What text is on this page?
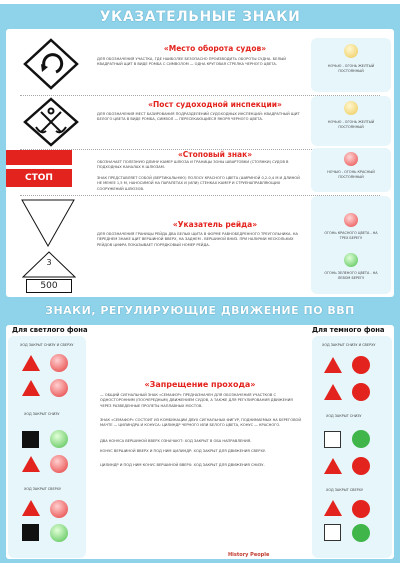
УКАЗАТЕЛЬНЫЕ ЗНАКИ
«Место оборота судов»
ДЛЯ ОБОЗНАЧЕНИЯ УЧАСТКА, ГДЕ НАИБОЛЕЕ БЕЗОПАСНО ПРОИЗВОДИТЬ ОБОРОТЫ СУДНА. БЕЛЫЙ КВАДРАТНЫЙ ЩИТ В ВИДЕ РОМБА С СИМВОЛОМ — ОДНА КРУГОВАЯ СТРЕЛКА ЧЕРНОГО ЦВЕТА.	НОЧЬЮ - ОГОНЬ ЖЕЛТЫЙ ПОСТОЯННЫЙ
«Пост судоходной инспекции»
ДЛЯ ОБОЗНАЧЕНИЯ МЕСТ БАЗИРОВАНИЯ ПОДРАЗДЕЛЕНИЙ СУДОХОДНЫХ ИНСПЕКЦИЙ: КВАДРАТНЫЙ ЩИТ БЕЛОГО ЦВЕТА В ВИДЕ РОМБА, СИМВОЛ — ПЕРЕСЕКАЮЩИЕСЯ ЯКОРЯ ЧЕРНОГО ЦВЕТА.
НОЧЬЮ - ОГОНЬ ЖЕЛТЫЙ ПОСТОЯННЫЙ
СТОП
«Стоповый знак»
ОБОЗНАЧАЕТ ПОЛЕЗНУЮ ДЛИНУ КАМЕР ШЛЮЗА И ГРАНИЦЫ ЗОНЫ ШВАРТОВКИ (СТОЯНКИ) СУДОВ В ПОДХОДНЫХ КАНАЛАХ К ШЛЮЗАМ.
ЗНАК ПРЕДСТАВЛЯЕТ СОБОЙ (ВЕРТИКАЛЬНУЮ) ПОЛОСУ КРАСНОГО ЦВЕТА (ШИРИНОЙ 0,2-0,4 М И ДЛИНОЙ НЕ МЕНЕЕ 1,5 М, НАНОСИМОЙ НА ПАРАПЕТАХ И (ИЛИ) СТЕНКАХ КАМЕР И СТРУЕНАПРАВЛЯЮЩИХ СООРУЖЕНИЙ ШЛЮЗОВ.
НОЧЬЮ - ОГОНЬ КРАСНЫЙ ПОСТОЯННЫЙ
3
500
«Указатель рейда»
ДЛЯ ОБОЗНАЧЕНИЯ ГРАНИЦЫ РЕЙДА ДВА БЕЛЫХ ЩИТА В ФОРМЕ РАВНОБЕДРЕННОГО ТРЕУГОЛЬНИКА. НА ПЕРЕДНЕМ ЗНАКЕ ЩИТ ВЕРШИНОЙ ВВЕРХ, НА ЗАДНЕМ - ВЕРШИНОЙ ВНИЗ. ПРИ НАЛИЧИИ НЕСКОЛЬКИХ РЕЙДОВ ЦИФРА ПОКАЗЫВАЕТ ПОРЯДКОВЫЙ НОМЕР РЕЙДА.
ОГОНЬ КРАСНОГО ЦВЕТА - НА ТРЕХ БЕРЕГУ
ОГОНЬ ЗЕЛЕНОГО ЦВЕТА - НА ЛЕВОМ БЕРЕГУ
ЗНАКИ, РЕГУЛИРУЮЩИЕ ДВИЖЕНИЕ ПО ВВП
Для светлого фона	Для темного фона
ХОД ЗАКРЫТ СНИЗУ И СВЕРХУ
ХОД ЗАКРЫТ СНИЗУ
ХОД ЗАКРЫТ СВЕРХУ
«Запрещение прохода»
— ОБЩИЙ СИГНАЛЬНЫЙ ЗНАК «СЕМАФОР» ПРЕДНАЗНАЧЕН ДЛЯ ОБОЗНАЧЕНИЯ УЧАСТКОВ С ОДНОСТОРОННИМ (ПООЧЕРЕДНЫМ) ДВИЖЕНИЕМ СУДОВ, А ТАКЖЕ ДЛЯ РЕГУЛИРОВАНИЯ ДВИЖЕНИЯ ЧЕРЕЗ РАЗВЕДЕННЫЕ ПРОЛЕТЫ НАПЛАВНЫХ МОСТОВ.
ЗНАК «СЕМАФОР» СОСТОИТ ИЗ КОМБИНАЦИИ ДВУХ СИГНАЛЬНЫХ ФИГУР, ПОДНИМАЕМЫХ НА БЕРЕГОВОЙ МАЧТЕ — ЦИЛИНДРА И КОНУСА: ЦИЛИНДР ЧЕРНОГО ИЛИ БЕЛОГО ЦВЕТА, КОНУС — КРАСНОГО.
ДВА КОНУСА ВЕРШИНОЙ ВВЕРХ ОЗНАЧАЮТ: ХОД ЗАКРЫТ В ОБА НАПРАВЛЕНИЯ.
КОНУС ВЕРШИНОЙ ВВЕРХ И ПОД НИМ ЦИЛИНДР: ХОД ЗАКРЫТ ДЛЯ ДВИЖЕНИЯ СВЕРХУ.
ЦИЛИНДР И ПОД НИМ КОНУС ВЕРШИНОЙ ВВЕРХ: ХОД ЗАКРЫТ ДЛЯ ДВИЖЕНИЯ СНИЗУ.
ХОД ЗАКРЫТ СНИЗУ И СВЕРХУ
ХОД ЗАКРЫТ СНИЗУ
ХОД ЗАКРЫТ СВЕРХУ
History People
